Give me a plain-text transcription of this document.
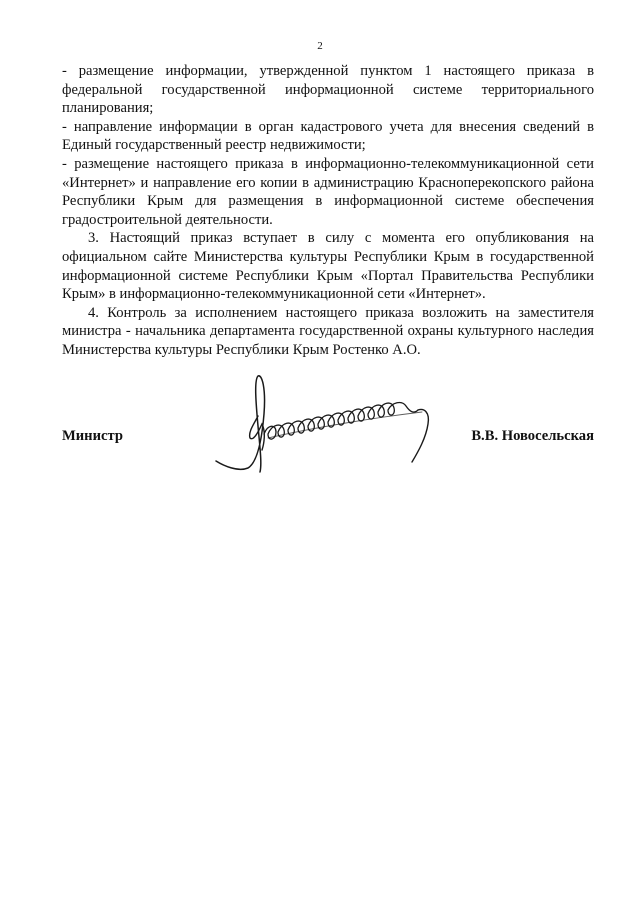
2

- размещение информации, утвержденной пунктом 1 настоящего приказа в федеральной государственной информационной системе территориального планирования;

- направление информации в орган кадастрового учета для внесения сведений в Единый государственный реестр недвижимости;

- размещение настоящего приказа в информационно-телекоммуникационной сети «Интернет» и направление его копии в администрацию Красноперекопского района Республики Крым для размещения в информационной системе обеспечения градостроительной деятельности.

3. Настоящий приказ вступает в силу с момента его опубликования на официальном сайте Министерства культуры Республики Крым в государственной информационной системе Республики Крым «Портал Правительства Республики Крым» в информационно-телекоммуникационной сети «Интернет».

4. Контроль за исполнением настоящего приказа возложить на заместителя министра - начальника департамента государственной охраны культурного наследия Министерства культуры Республики Крым Ростенко А.О.

Министр	В.В. Новосельская
